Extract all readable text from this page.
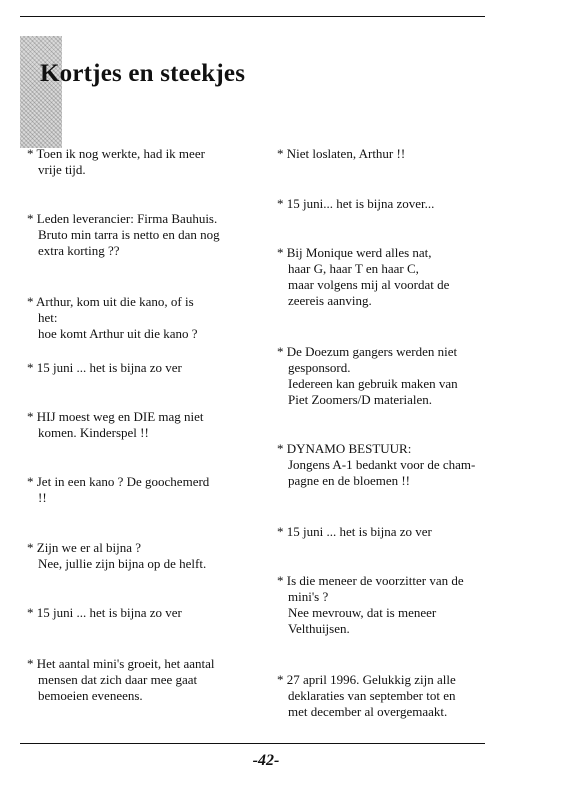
Kortjes en steekjes
* Toen ik nog werkte, had ik meer
vrije tijd.
* Leden leverancier: Firma Bauhuis.
Bruto min tarra is netto en dan nog
extra korting ??
* Arthur, kom uit die kano, of is
het:
hoe komt Arthur uit die kano ?
* 15 juni ... het is bijna zo ver
* HIJ moest weg en DIE mag niet
komen. Kinderspel !!
* Jet in een kano ? De goochemerd
!!
* Zijn we er al bijna ?
Nee, jullie zijn bijna op de helft.
* 15 juni ... het is bijna zo ver
* Het aantal mini's groeit, het aantal
mensen dat zich daar mee gaat
bemoeien eveneens.
* Niet loslaten, Arthur !!
* 15 juni... het is bijna zover...
* Bij Monique werd alles nat,
haar G, haar T en haar C,
maar volgens mij al voordat de
zeereis aanving.
* De Doezum gangers werden niet
gesponsord.
Iedereen kan gebruik maken van
Piet Zoomers/D materialen.
* DYNAMO BESTUUR:
Jongens A-1 bedankt voor de cham-
pagne en de bloemen !!
* 15 juni ... het is bijna zo ver
* Is die meneer de voorzitter van de
mini's ?
Nee mevrouw, dat is meneer
Velthuijsen.
* 27 april 1996. Gelukkig zijn alle
deklaraties van september tot en
met december al overgemaakt.
-42-
